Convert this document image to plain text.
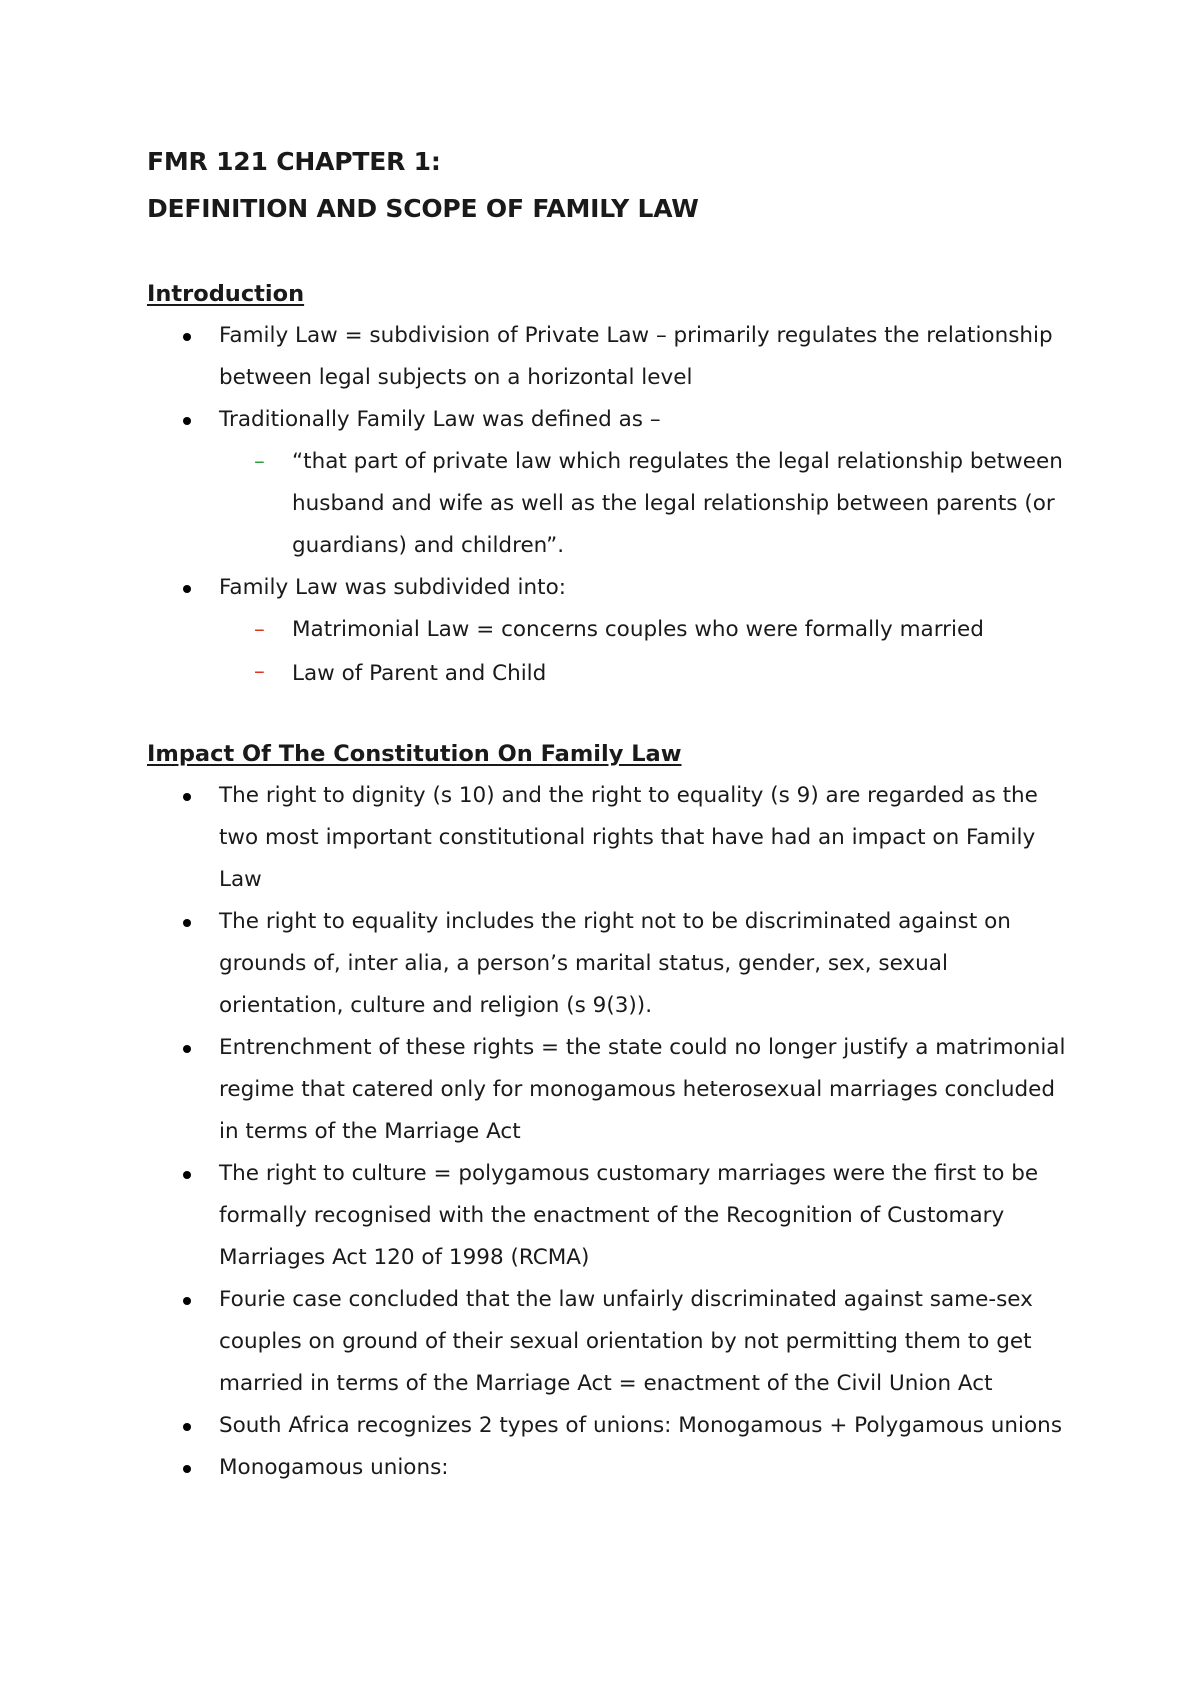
FMR 121 CHAPTER 1:
DEFINITION AND SCOPE OF FAMILY LAW
Introduction
Family Law = subdivision of Private Law – primarily regulates the relationship between legal subjects on a horizontal level
Traditionally Family Law was defined as –
– “that part of private law which regulates the legal relationship between husband and wife as well as the legal relationship between parents (or guardians) and children”.
Family Law was subdivided into:
– Matrimonial Law = concerns couples who were formally married
– Law of Parent and Child
Impact Of The Constitution On Family Law
The right to dignity (s 10) and the right to equality (s 9) are regarded as the two most important constitutional rights that have had an impact on Family Law
The right to equality includes the right not to be discriminated against on grounds of, inter alia, a person’s marital status, gender, sex, sexual orientation, culture and religion (s 9(3)).
Entrenchment of these rights = the state could no longer justify a matrimonial regime that catered only for monogamous heterosexual marriages concluded in terms of the Marriage Act
The right to culture = polygamous customary marriages were the first to be formally recognised with the enactment of the Recognition of Customary Marriages Act 120 of 1998 (RCMA)
Fourie case concluded that the law unfairly discriminated against same-sex couples on ground of their sexual orientation by not permitting them to get married in terms of the Marriage Act = enactment of the Civil Union Act
South Africa recognizes 2 types of unions: Monogamous + Polygamous unions
Monogamous unions:
